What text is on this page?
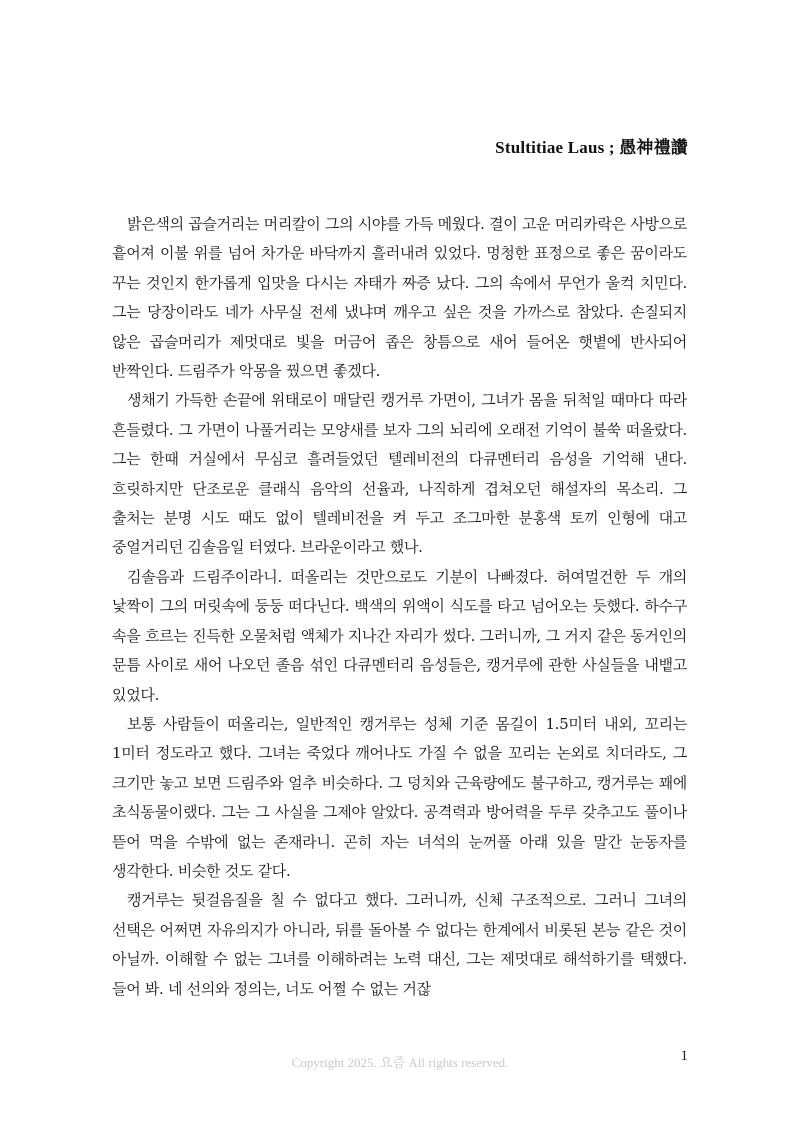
Stultitiae Laus ; 愚神禮讚

밝은색의 곱슬거리는 머리칼이 그의 시야를 가득 메웠다. 결이 고운 머리카락은 사방으로 흩어져 이불 위를 넘어 차가운 바닥까지 흘러내려 있었다. 멍청한 표정으로 좋은 꿈이라도 꾸는 것인지 한가롭게 입맛을 다시는 자태가 짜증 났다. 그의 속에서 무언가 울컥 치민다. 그는 당장이라도 네가 사무실 전세 냈냐며 깨우고 싶은 것을 가까스로 참았다. 손질되지 않은 곱슬머리가 제멋대로 빛을 머금어 좁은 창틈으로 새어 들어온 햇볕에 반사되어 반짝인다. 드림주가 악몽을 꿨으면 좋겠다.

생채기 가득한 손끝에 위태로이 매달린 캥거루 가면이, 그녀가 몸을 뒤척일 때마다 따라 흔들렸다. 그 가면이 나풀거리는 모양새를 보자 그의 뇌리에 오래전 기억이 불쑥 떠올랐다. 그는 한때 거실에서 무심코 흘려들었던 텔레비전의 다큐멘터리 음성을 기억해 낸다. 흐릿하지만 단조로운 클래식 음악의 선율과, 나직하게 겹쳐오던 해설자의 목소리. 그 출처는 분명 시도 때도 없이 텔레비전을 켜 두고 조그마한 분홍색 토끼 인형에 대고 중얼거리던 김솔음일 터였다. 브라운이라고 했나.

김솔음과 드림주이라니. 떠올리는 것만으로도 기분이 나빠졌다. 허여멀건한 두 개의 낯짝이 그의 머릿속에 둥둥 떠다닌다. 백색의 위액이 식도를 타고 넘어오는 듯했다. 하수구 속을 흐르는 진득한 오물처럼 액체가 지나간 자리가 썼다. 그러니까, 그 거지 같은 동거인의 문틈 사이로 새어 나오던 졸음 섞인 다큐멘터리 음성들은, 캥거루에 관한 사실들을 내뱉고 있었다.

보통 사람들이 떠올리는, 일반적인 캥거루는 성체 기준 몸길이 1.5미터 내외, 꼬리는 1미터 정도라고 했다. 그녀는 죽었다 깨어나도 가질 수 없을 꼬리는 논외로 치더라도, 그 크기만 놓고 보면 드림주와 얼추 비슷하다. 그 덩치와 근육량에도 불구하고, 캥거루는 꽤에 초식동물이랬다. 그는 그 사실을 그제야 알았다. 공격력과 방어력을 두루 갖추고도 풀이나 뜯어 먹을 수밖에 없는 존재라니. 곤히 자는 녀석의 눈꺼풀 아래 있을 말간 눈동자를 생각한다. 비슷한 것도 같다.

캥거루는 뒷걸음질을 칠 수 없다고 했다. 그러니까, 신체 구조적으로. 그러니 그녀의 선택은 어쩌면 자유의지가 아니라, 뒤를 돌아볼 수 없다는 한계에서 비롯된 본능 같은 것이 아닐까. 이해할 수 없는 그녀를 이해하려는 노력 대신, 그는 제멋대로 해석하기를 택했다. 들어 봐. 네 선의와 정의는, 너도 어쩔 수 없는 거잖

Copyright 2025. 요즘 All rights reserved.	1
